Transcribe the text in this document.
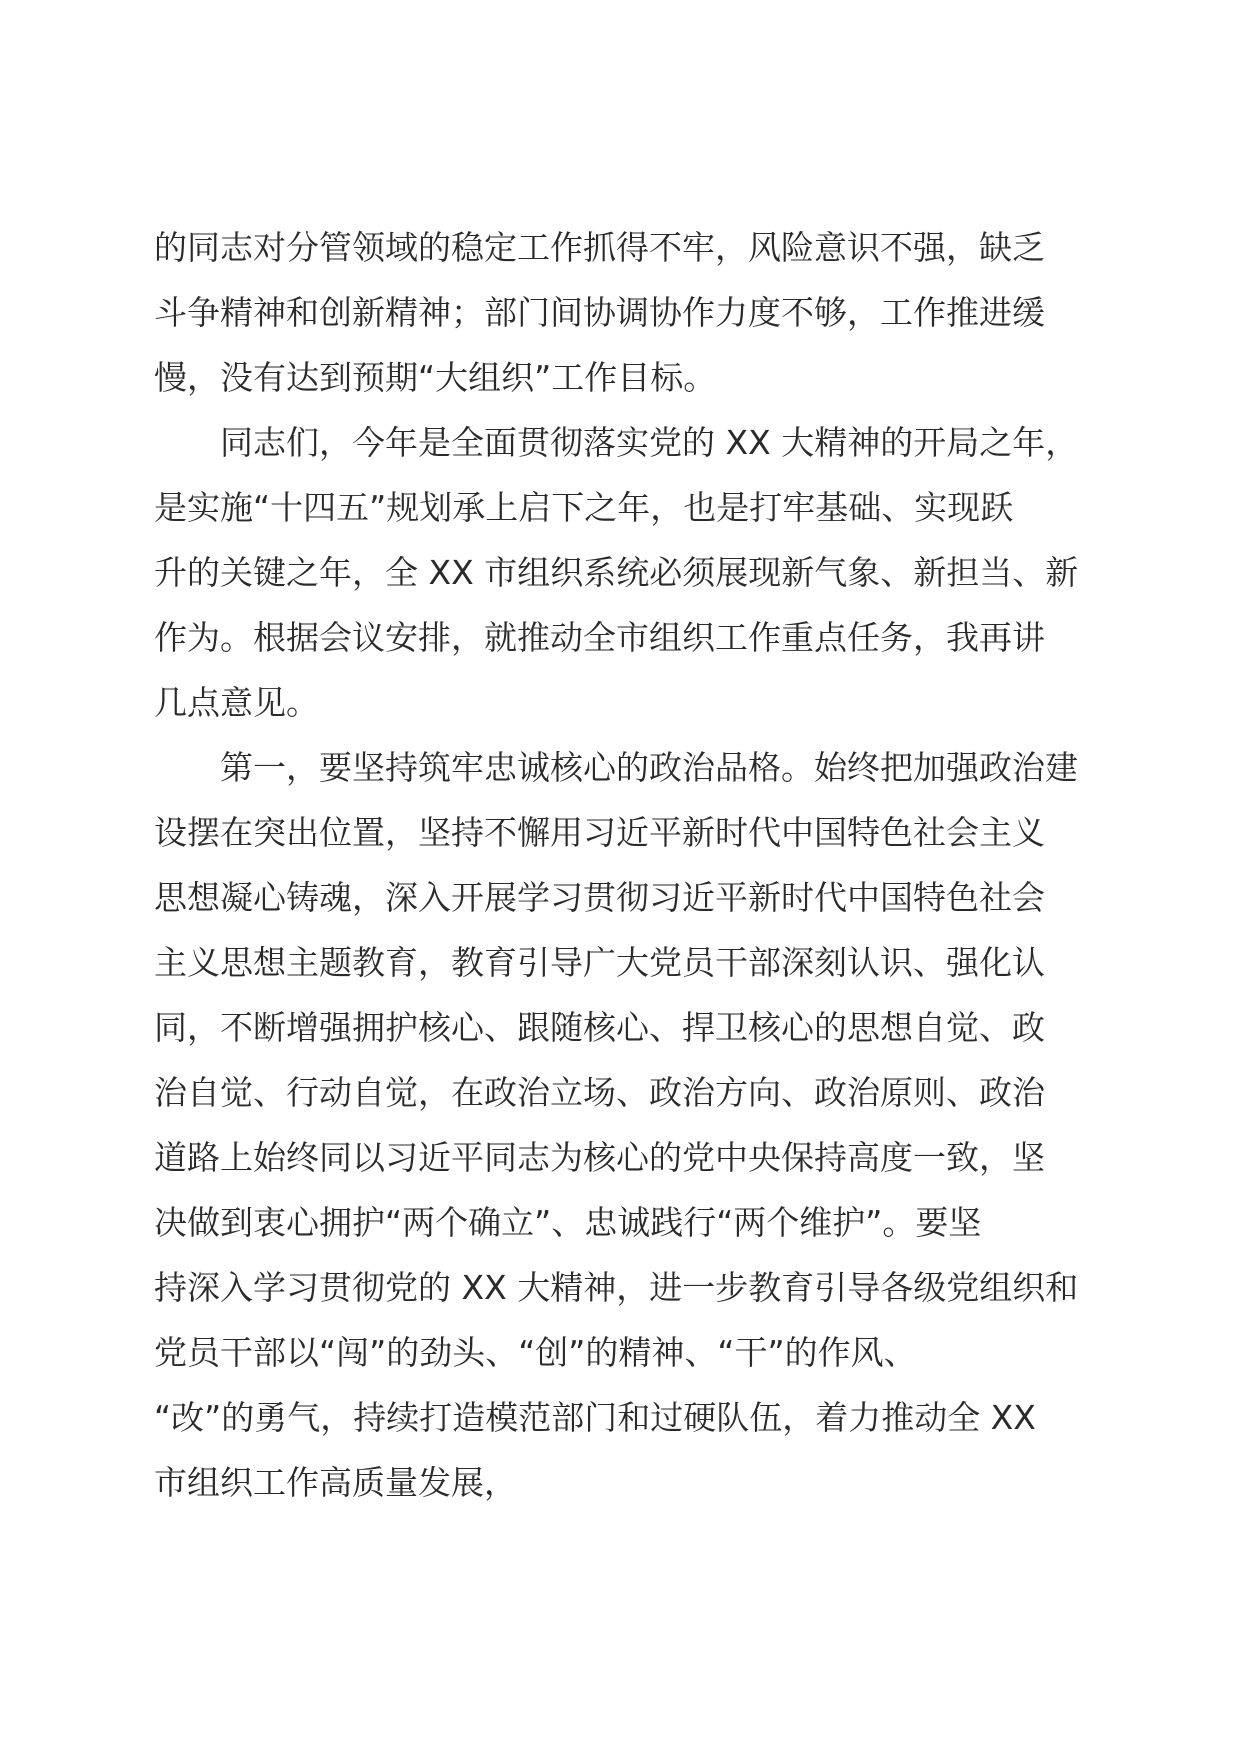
的同志对分管领域的稳定工作抓得不牢，风险意识不强，缺乏
斗争精神和创新精神；部门间协调协作力度不够，工作推进缓
慢，没有达到预期“大组织”工作目标。
同志们，今年是全面贯彻落实党的 XX 大精神的开局之年，
是实施“十四五”规划承上启下之年，也是打牢基础、实现跃
升的关键之年，全 XX 市组织系统必须展现新气象、新担当、新
作为。根据会议安排，就推动全市组织工作重点任务，我再讲
几点意见。
第一，要坚持筑牢忠诚核心的政治品格。始终把加强政治建
设摆在突出位置，坚持不懈用习近平新时代中国特色社会主义
思想凝心铸魂，深入开展学习贯彻习近平新时代中国特色社会
主义思想主题教育，教育引导广大党员干部深刻认识、强化认
同，不断增强拥护核心、跟随核心、捍卫核心的思想自觉、政
治自觉、行动自觉，在政治立场、政治方向、政治原则、政治
道路上始终同以习近平同志为核心的党中央保持高度一致，坚
决做到衷心拥护“两个确立”、忠诚践行“两个维护”。要坚
持深入学习贯彻党的 XX 大精神，进一步教育引导各级党组织和
党员干部以“闯”的劲头、“创”的精神、“干”的作风、
“改”的勇气，持续打造模范部门和过硬队伍，着力推动全 XX
市组织工作高质量发展，
